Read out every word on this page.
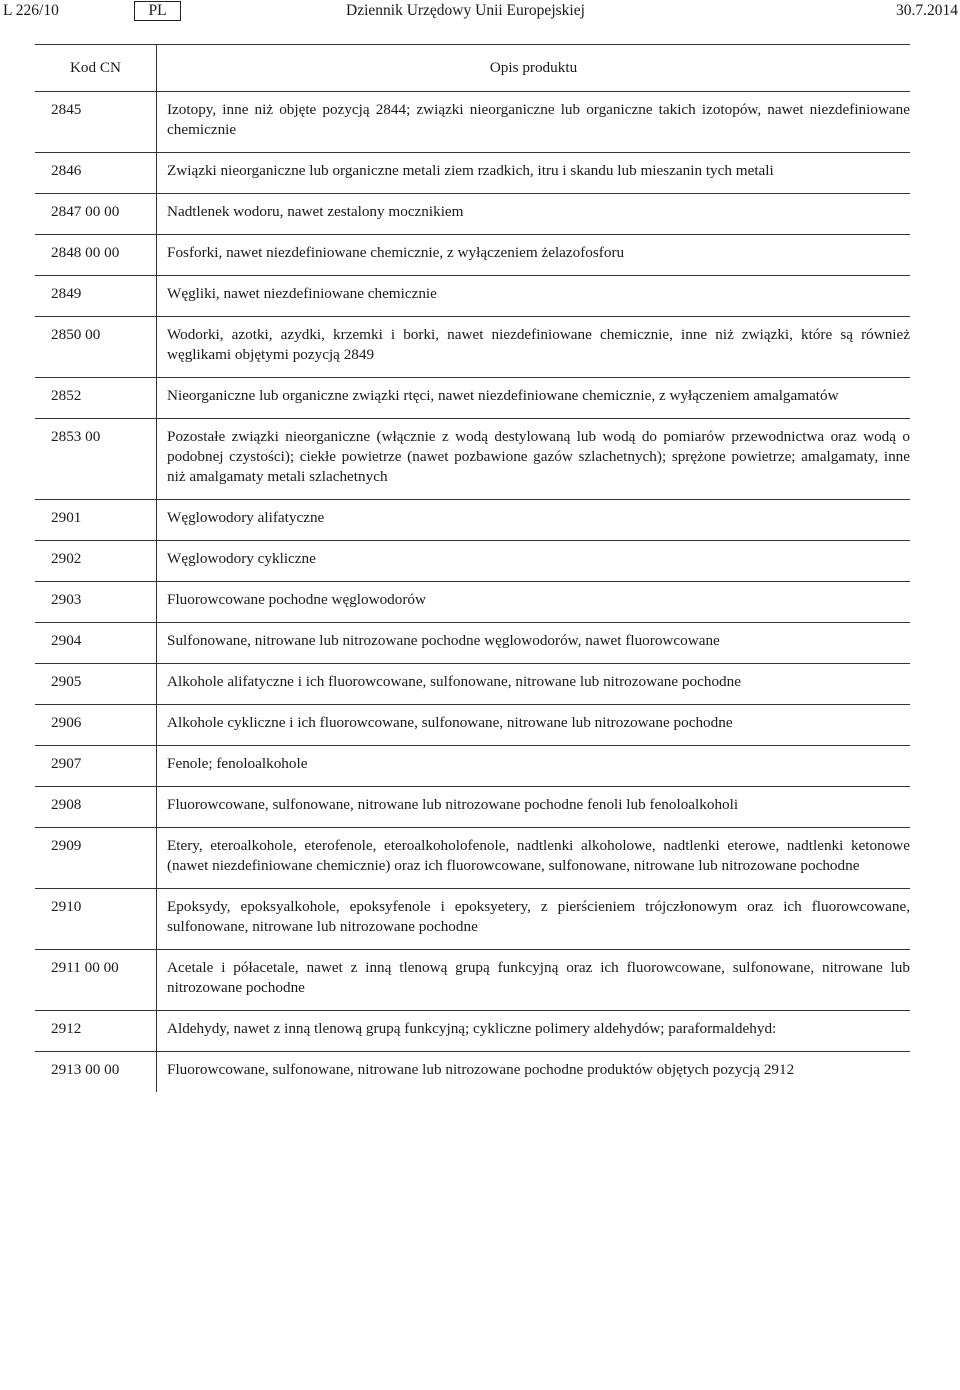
L 226/10	PL	Dziennik Urzędowy Unii Europejskiej	30.7.2014
Kod CN	Opis produktu
2845	Izotopy, inne niż objęte pozycją 2844; związki nieorganiczne lub organiczne takich izotopów, nawet niezdefiniowane chemicznie
2846	Związki nieorganiczne lub organiczne metali ziem rzadkich, itru i skandu lub mieszanin tych metali
2847 00 00	Nadtlenek wodoru, nawet zestalony mocznikiem
2848 00 00	Fosforki, nawet niezdefiniowane chemicznie, z wyłączeniem żelazofosforu
2849	Węgliki, nawet niezdefiniowane chemicznie
2850 00	Wodorki, azotki, azydki, krzemki i borki, nawet niezdefiniowane chemicznie, inne niż związki, które są również węglikami objętymi pozycją 2849
2852	Nieorganiczne lub organiczne związki rtęci, nawet niezdefiniowane chemicznie, z wyłączeniem amalgamatów
2853 00	Pozostałe związki nieorganiczne (włącznie z wodą destylowaną lub wodą do pomiarów przewodnictwa oraz wodą o podobnej czystości); ciekłe powietrze (nawet pozbawione gazów szlachetnych); sprężone powietrze; amalgamaty, inne niż amalgamaty metali szlachetnych
2901	Węglowodory alifatyczne
2902	Węglowodory cykliczne
2903	Fluorowcowane pochodne węglowodorów
2904	Sulfonowane, nitrowane lub nitrozowane pochodne węglowodorów, nawet fluorowcowane
2905	Alkohole alifatyczne i ich fluorowcowane, sulfonowane, nitrowane lub nitrozowane pochodne
2906	Alkohole cykliczne i ich fluorowcowane, sulfonowane, nitrowane lub nitrozowane pochodne
2907	Fenole; fenoloalkohole
2908	Fluorowcowane, sulfonowane, nitrowane lub nitrozowane pochodne fenoli lub fenoloalkoholi
2909	Etery, eteroalkohole, eterofenole, eteroalkoholofenole, nadtlenki alkoholowe, nadtlenki eterowe, nadtlenki ketonowe (nawet niezdefiniowane chemicznie) oraz ich fluorowcowane, sulfonowane, nitrowane lub nitrozowane pochodne
2910	Epoksydy, epoksyalkohole, epoksyfenole i epoksyetery, z pierścieniem trójczłonowym oraz ich fluorowcowane, sulfonowane, nitrowane lub nitrozowane pochodne
2911 00 00	Acetale i półacetale, nawet z inną tlenową grupą funkcyjną oraz ich fluorowcowane, sulfonowane, nitrowane lub nitrozowane pochodne
2912	Aldehydy, nawet z inną tlenową grupą funkcyjną; cykliczne polimery aldehydów; paraformaldehyd:
2913 00 00	Fluorowcowane, sulfonowane, nitrowane lub nitrozowane pochodne produktów objętych pozycją 2912
